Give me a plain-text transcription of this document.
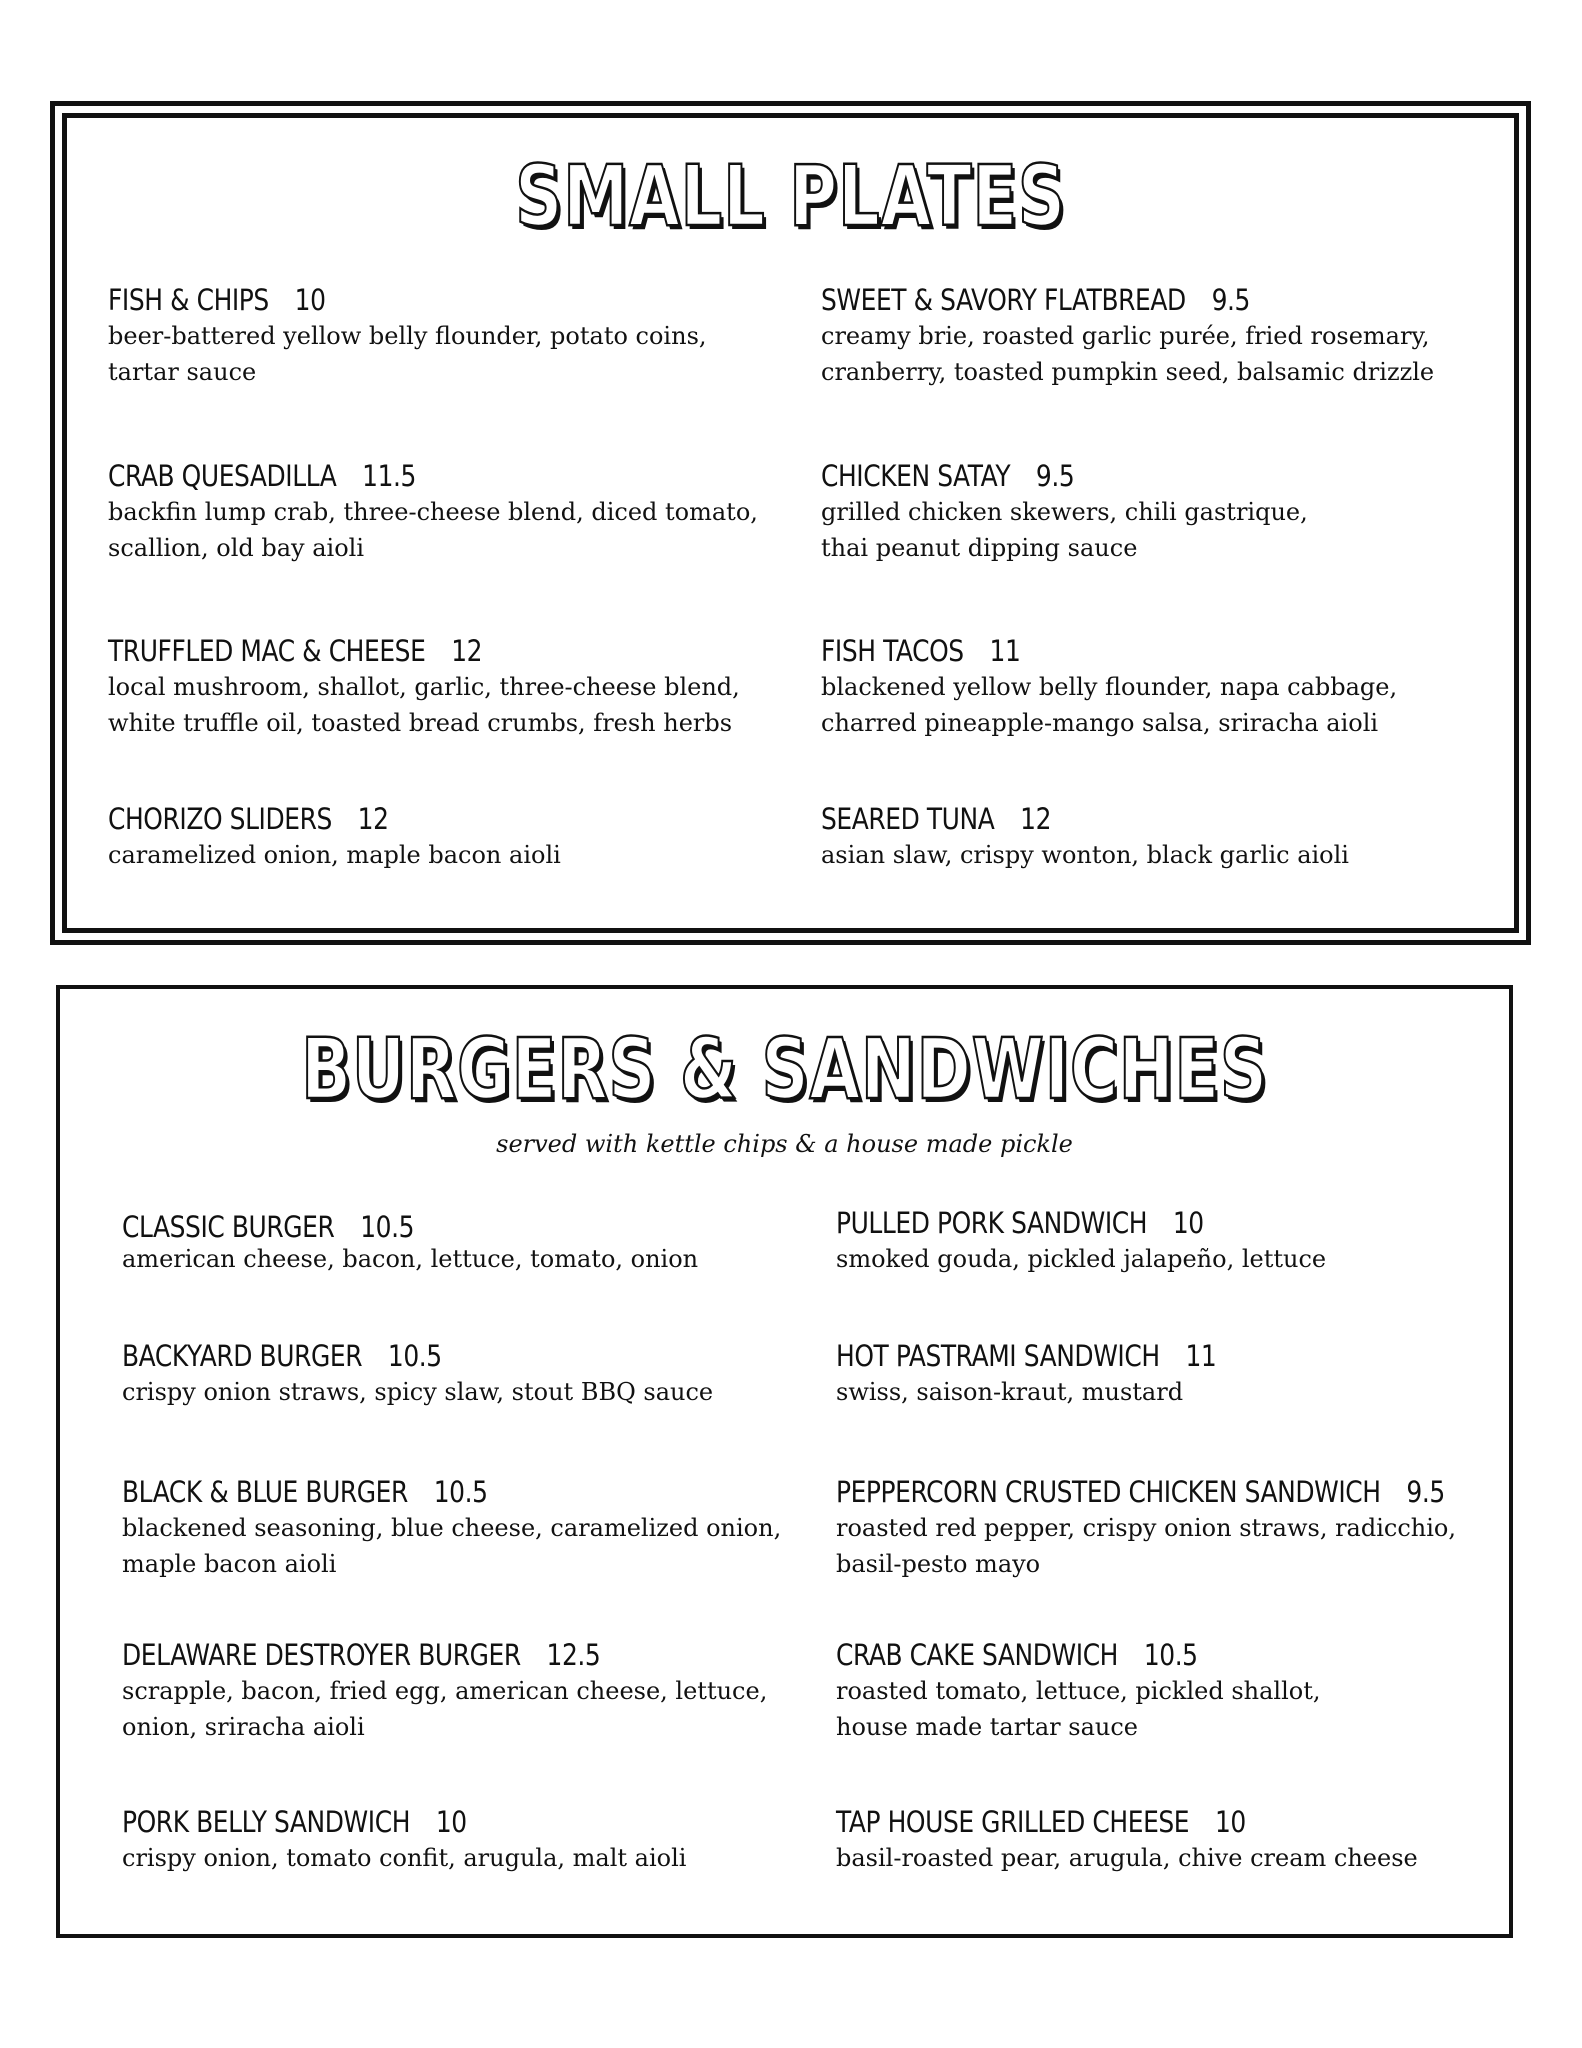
SMALL PLATES
FISH & CHIPS 10
beer-battered yellow belly flounder, potato coins,
tartar sauce
SWEET & SAVORY FLATBREAD 9.5
creamy brie, roasted garlic purée, fried rosemary,
cranberry, toasted pumpkin seed, balsamic drizzle
CRAB QUESADILLA 11.5
backfin lump crab, three-cheese blend, diced tomato,
scallion, old bay aioli
CHICKEN SATAY 9.5
grilled chicken skewers, chili gastrique,
thai peanut dipping sauce
TRUFFLED MAC & CHEESE 12
local mushroom, shallot, garlic, three-cheese blend,
white truffle oil, toasted bread crumbs, fresh herbs
FISH TACOS 11
blackened yellow belly flounder, napa cabbage,
charred pineapple-mango salsa, sriracha aioli
CHORIZO SLIDERS 12
caramelized onion, maple bacon aioli
SEARED TUNA 12
asian slaw, crispy wonton, black garlic aioli
BURGERS & SANDWICHES
served with kettle chips & a house made pickle
CLASSIC BURGER 10.5
american cheese, bacon, lettuce, tomato, onion
PULLED PORK SANDWICH 10
smoked gouda, pickled jalapeño, lettuce
BACKYARD BURGER 10.5
crispy onion straws, spicy slaw, stout BBQ sauce
HOT PASTRAMI SANDWICH 11
swiss, saison-kraut, mustard
BLACK & BLUE BURGER 10.5
blackened seasoning, blue cheese, caramelized onion,
maple bacon aioli
PEPPERCORN CRUSTED CHICKEN SANDWICH 9.5
roasted red pepper, crispy onion straws, radicchio,
basil-pesto mayo
DELAWARE DESTROYER BURGER 12.5
scrapple, bacon, fried egg, american cheese, lettuce,
onion, sriracha aioli
CRAB CAKE SANDWICH 10.5
roasted tomato, lettuce, pickled shallot,
house made tartar sauce
PORK BELLY SANDWICH 10
crispy onion, tomato confit, arugula, malt aioli
TAP HOUSE GRILLED CHEESE 10
basil-roasted pear, arugula, chive cream cheese
